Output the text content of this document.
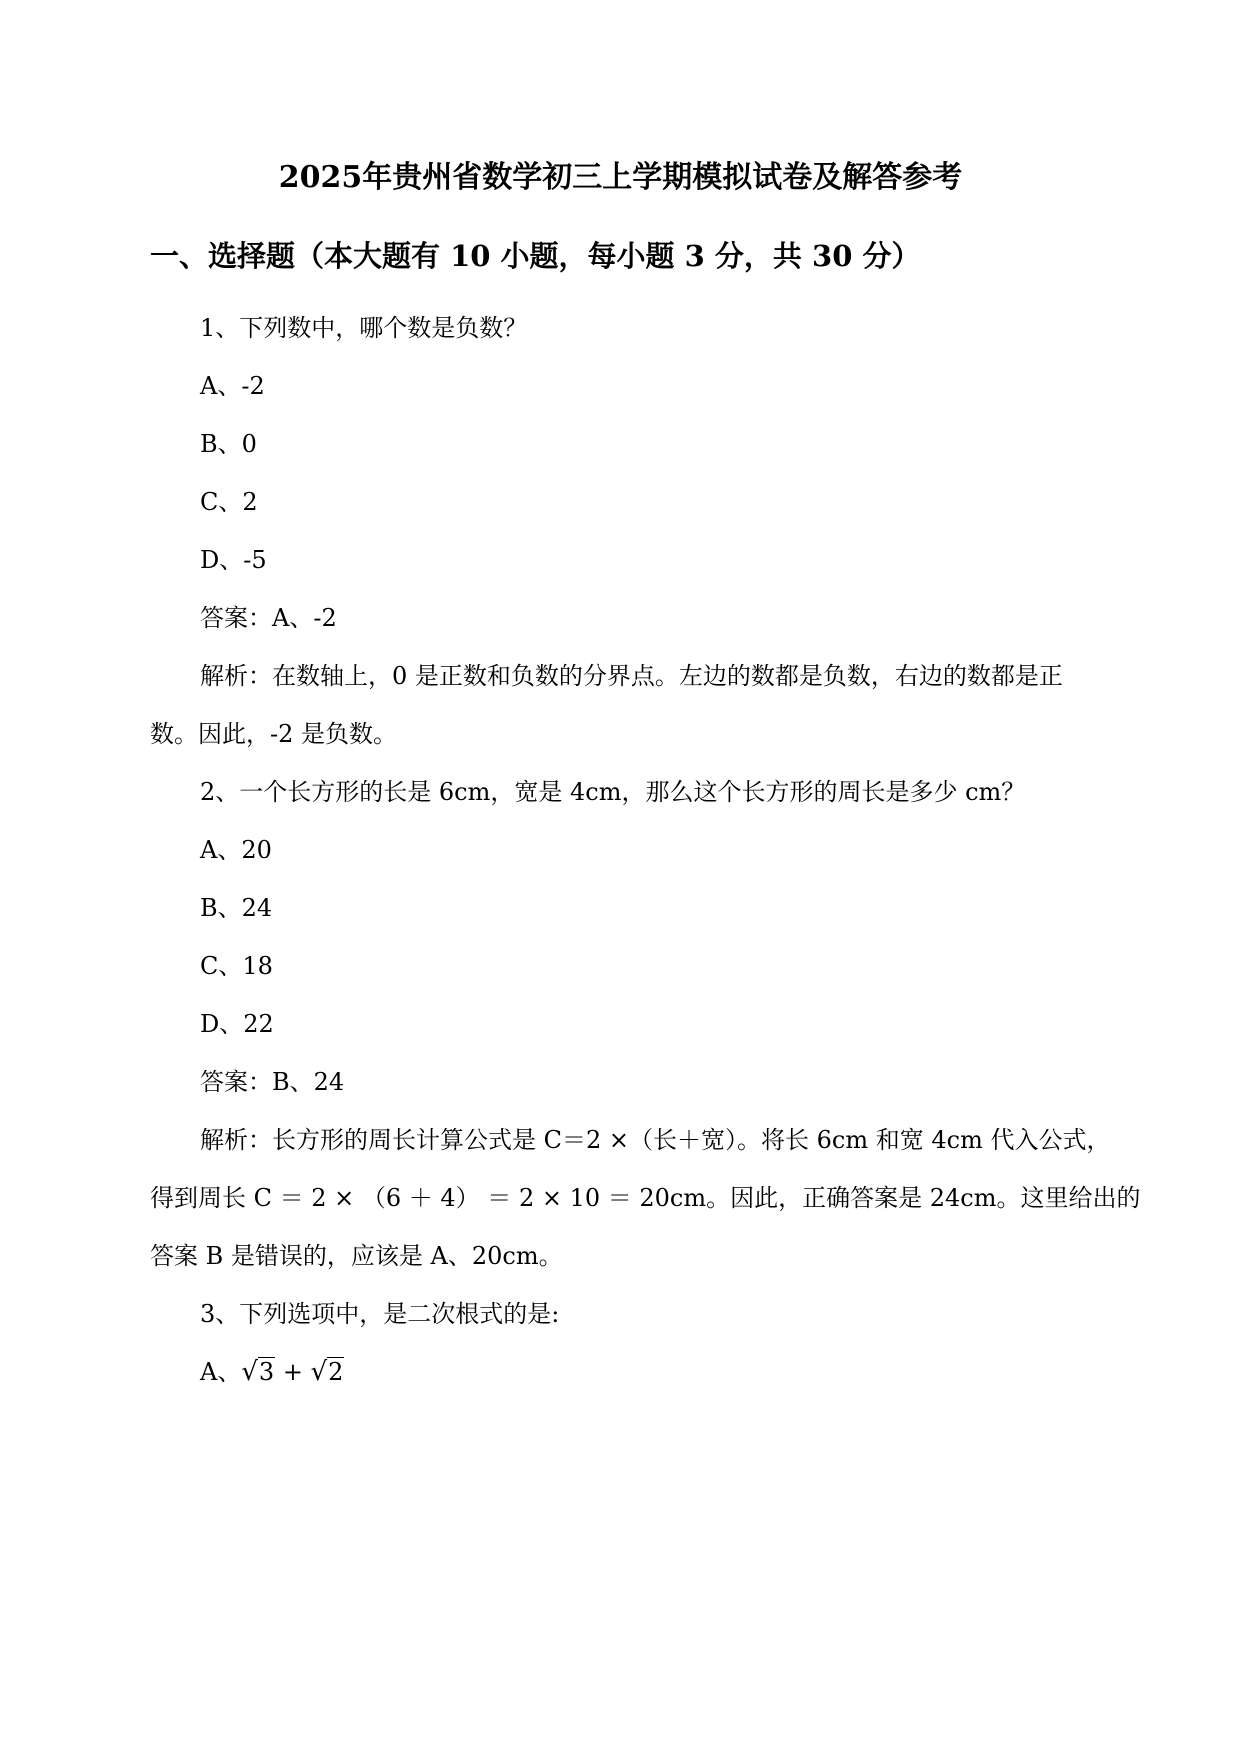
2025年贵州省数学初三上学期模拟试卷及解答参考
一、选择题（本大题有 10 小题，每小题 3 分，共 30 分）
1、下列数中，哪个数是负数？
A、-2
B、0
C、2
D、-5
答案：A、-2
解析：在数轴上，0 是正数和负数的分界点。左边的数都是负数，右边的数都是正
数。因此，-2 是负数。
2、一个长方形的长是 6cm，宽是 4cm，那么这个长方形的周长是多少 cm？
A、20
B、24
C、18
D、22
答案：B、24
解析：长方形的周长计算公式是 C＝2 ×（长＋宽）。将长 6cm 和宽 4cm 代入公式，
得到周长 C ＝ 2 × （6 ＋ 4） ＝ 2 × 10 ＝ 20cm。因此，正确答案是 24cm。这里给出的
答案 B 是错误的，应该是 A、20cm。
3、下列选项中，是二次根式的是:
A、√3 + √2
